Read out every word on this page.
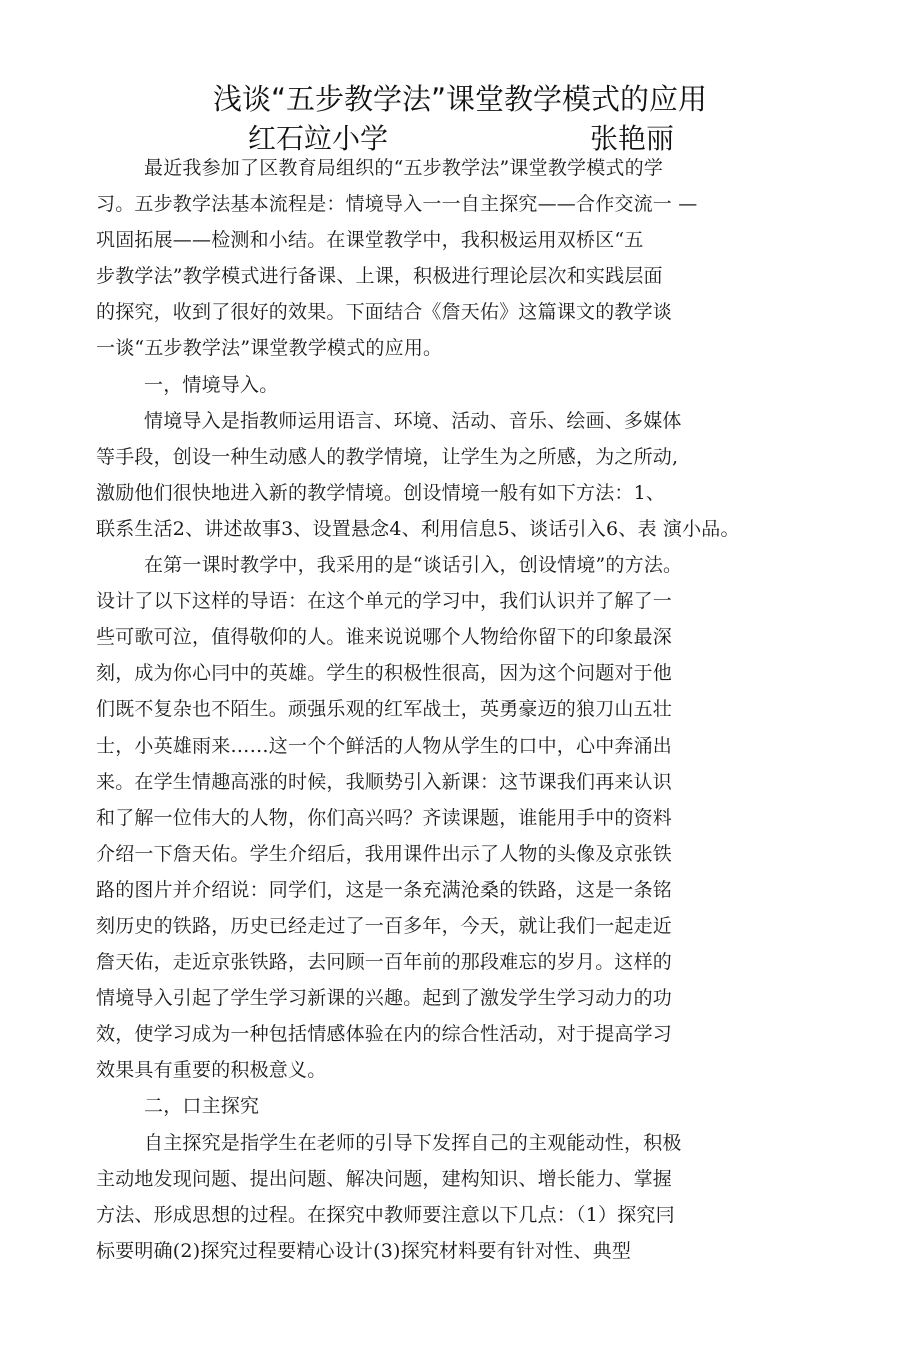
浅谈“五步教学法”课堂教学模式的应用
红石竝小学	张艳丽
最近我参加了区教育局组织的“五步教学法”课堂教学模式的学
习。五步教学法基本流程是：情境导入一一自主探究——合作交流一 —
巩固拓展——检测和小结。在课堂教学中，我积极运用双桥区“五
步教学法”教学模式进行备课、上课，积极进行理论层次和实践层面
的探究，收到了很好的效果。下面结合《詹天佑》这篇课文的教学谈
一谈“五步教学法”课堂教学模式的应用。
一，情境导入。
情境导入是指教师运用语言、环境、活动、音乐、绘画、多媒体
等手段，创设一种生动感人的教学情境，让学生为之所感，为之所动,
激励他们很快地进入新的教学情境。创设情境一般有如下方法：1、
联系生活2、讲述故事3、设置悬念4、利用信息5、谈话引入6、表 演小品。
在第一课时教学中，我采用的是“谈话引入，创设情境”的方法。
设计了以下这样的导语：在这个单元的学习中，我们认识并了解了一
些可歌可泣，值得敬仰的人。谁来说说哪个人物给你留下的印象最深
刻，成为你心冃中的英雄。学生的积极性很高，因为这个问题对于他
们既不复杂也不陌生。顽强乐观的红军战士，英勇豪迈的狼刀山五壮
士，小英雄雨来……这一个个鲜活的人物从学生的口中，心中奔涌出
来。在学生情趣高涨的时候，我顺势引入新课：这节课我们再来认识
和了解一位伟大的人物，你们高兴吗？齐读课题，谁能用手中的资料
介绍一下詹天佑。学生介绍后，我用课件出示了人物的头像及京张铁
路的图片并介绍说：同学们，这是一条充满沧桑的铁路，这是一条铭
刻历史的铁路，历史已经走过了一百多年，今天，就让我们一起走近
詹天佑，走近京张铁路，去冋顾一百年前的那段难忘的岁月。这样的
情境导入引起了学生学习新课的兴趣。起到了激发学生学习动力的功
效，使学习成为一种包括情感体验在内的综合性活动，对于提高学习
效果具有重要的积极意义。
二，口主探究
自主探究是指学生在老师的引导下发挥自己的主观能动性，积极
主动地发现问题、提出问题、解决问题，建构知识、增长能力、掌握
方法、形成思想的过程。在探究中教师要注意以下几点：（1）探究冃
标要明确(2)探究过程要精心设计(3)探究材料要有针对性、典型
